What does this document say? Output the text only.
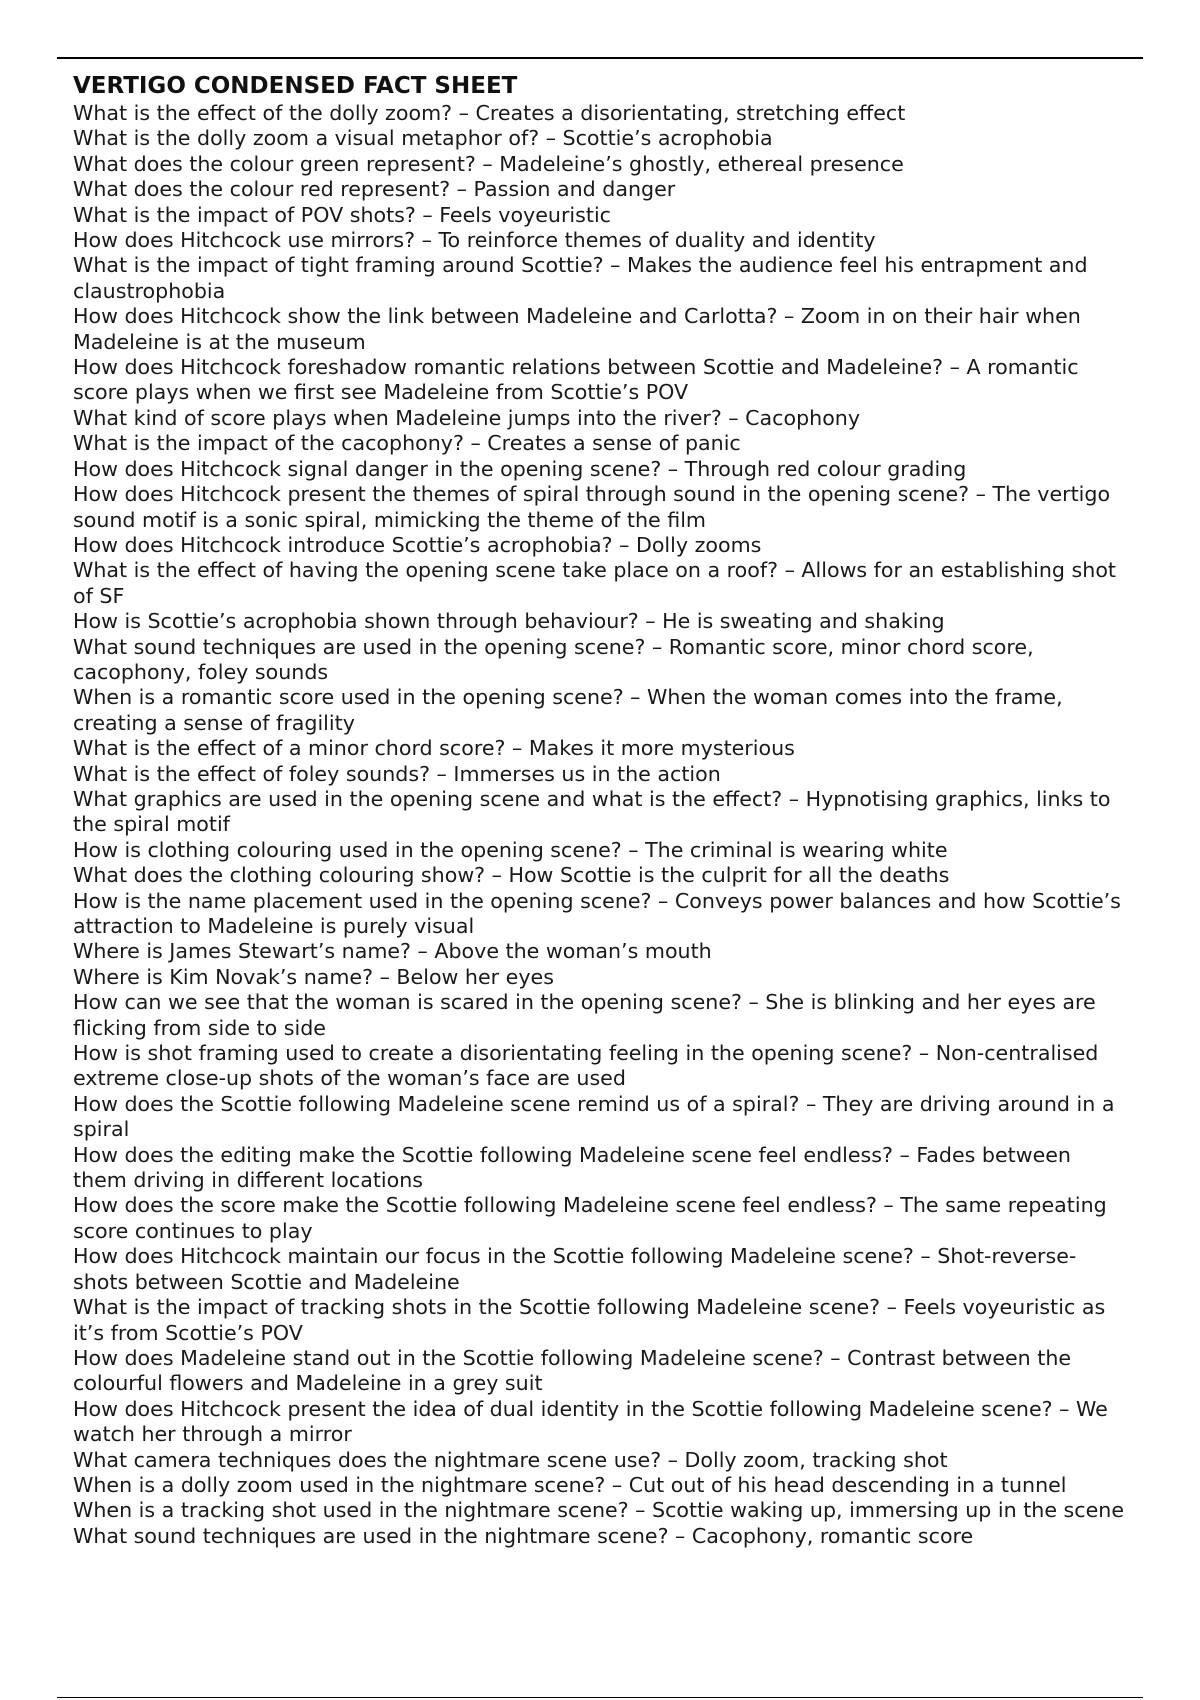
VERTIGO CONDENSED FACT SHEET
What is the effect of the dolly zoom? – Creates a disorientating, stretching effect
What is the dolly zoom a visual metaphor of? – Scottie’s acrophobia
What does the colour green represent? – Madeleine’s ghostly, ethereal presence
What does the colour red represent? – Passion and danger
What is the impact of POV shots? – Feels voyeuristic
How does Hitchcock use mirrors? – To reinforce themes of duality and identity
What is the impact of tight framing around Scottie? – Makes the audience feel his entrapment and claustrophobia
How does Hitchcock show the link between Madeleine and Carlotta? – Zoom in on their hair when Madeleine is at the museum
How does Hitchcock foreshadow romantic relations between Scottie and Madeleine? – A romantic score plays when we first see Madeleine from Scottie’s POV
What kind of score plays when Madeleine jumps into the river? – Cacophony
What is the impact of the cacophony? – Creates a sense of panic
How does Hitchcock signal danger in the opening scene? – Through red colour grading
How does Hitchcock present the themes of spiral through sound in the opening scene? – The vertigo sound motif is a sonic spiral, mimicking the theme of the film
How does Hitchcock introduce Scottie’s acrophobia? – Dolly zooms
What is the effect of having the opening scene take place on a roof? – Allows for an establishing shot of SF
How is Scottie’s acrophobia shown through behaviour? – He is sweating and shaking
What sound techniques are used in the opening scene? – Romantic score, minor chord score, cacophony, foley sounds
When is a romantic score used in the opening scene? – When the woman comes into the frame, creating a sense of fragility
What is the effect of a minor chord score? – Makes it more mysterious
What is the effect of foley sounds? – Immerses us in the action
What graphics are used in the opening scene and what is the effect? – Hypnotising graphics, links to the spiral motif
How is clothing colouring used in the opening scene? – The criminal is wearing white
What does the clothing colouring show? – How Scottie is the culprit for all the deaths
How is the name placement used in the opening scene? – Conveys power balances and how Scottie’s attraction to Madeleine is purely visual
Where is James Stewart’s name? – Above the woman’s mouth
Where is Kim Novak’s name? – Below her eyes
How can we see that the woman is scared in the opening scene? – She is blinking and her eyes are flicking from side to side
How is shot framing used to create a disorientating feeling in the opening scene? – Non-centralised extreme close-up shots of the woman’s face are used
How does the Scottie following Madeleine scene remind us of a spiral? – They are driving around in a spiral
How does the editing make the Scottie following Madeleine scene feel endless? – Fades between them driving in different locations
How does the score make the Scottie following Madeleine scene feel endless? – The same repeating score continues to play
How does Hitchcock maintain our focus in the Scottie following Madeleine scene? – Shot-reverse-shots between Scottie and Madeleine
What is the impact of tracking shots in the Scottie following Madeleine scene? – Feels voyeuristic as it’s from Scottie’s POV
How does Madeleine stand out in the Scottie following Madeleine scene? – Contrast between the colourful flowers and Madeleine in a grey suit
How does Hitchcock present the idea of dual identity in the Scottie following Madeleine scene? – We watch her through a mirror
What camera techniques does the nightmare scene use? – Dolly zoom, tracking shot
When is a dolly zoom used in the nightmare scene? – Cut out of his head descending in a tunnel
When is a tracking shot used in the nightmare scene? – Scottie waking up, immersing up in the scene
What sound techniques are used in the nightmare scene? – Cacophony, romantic score
